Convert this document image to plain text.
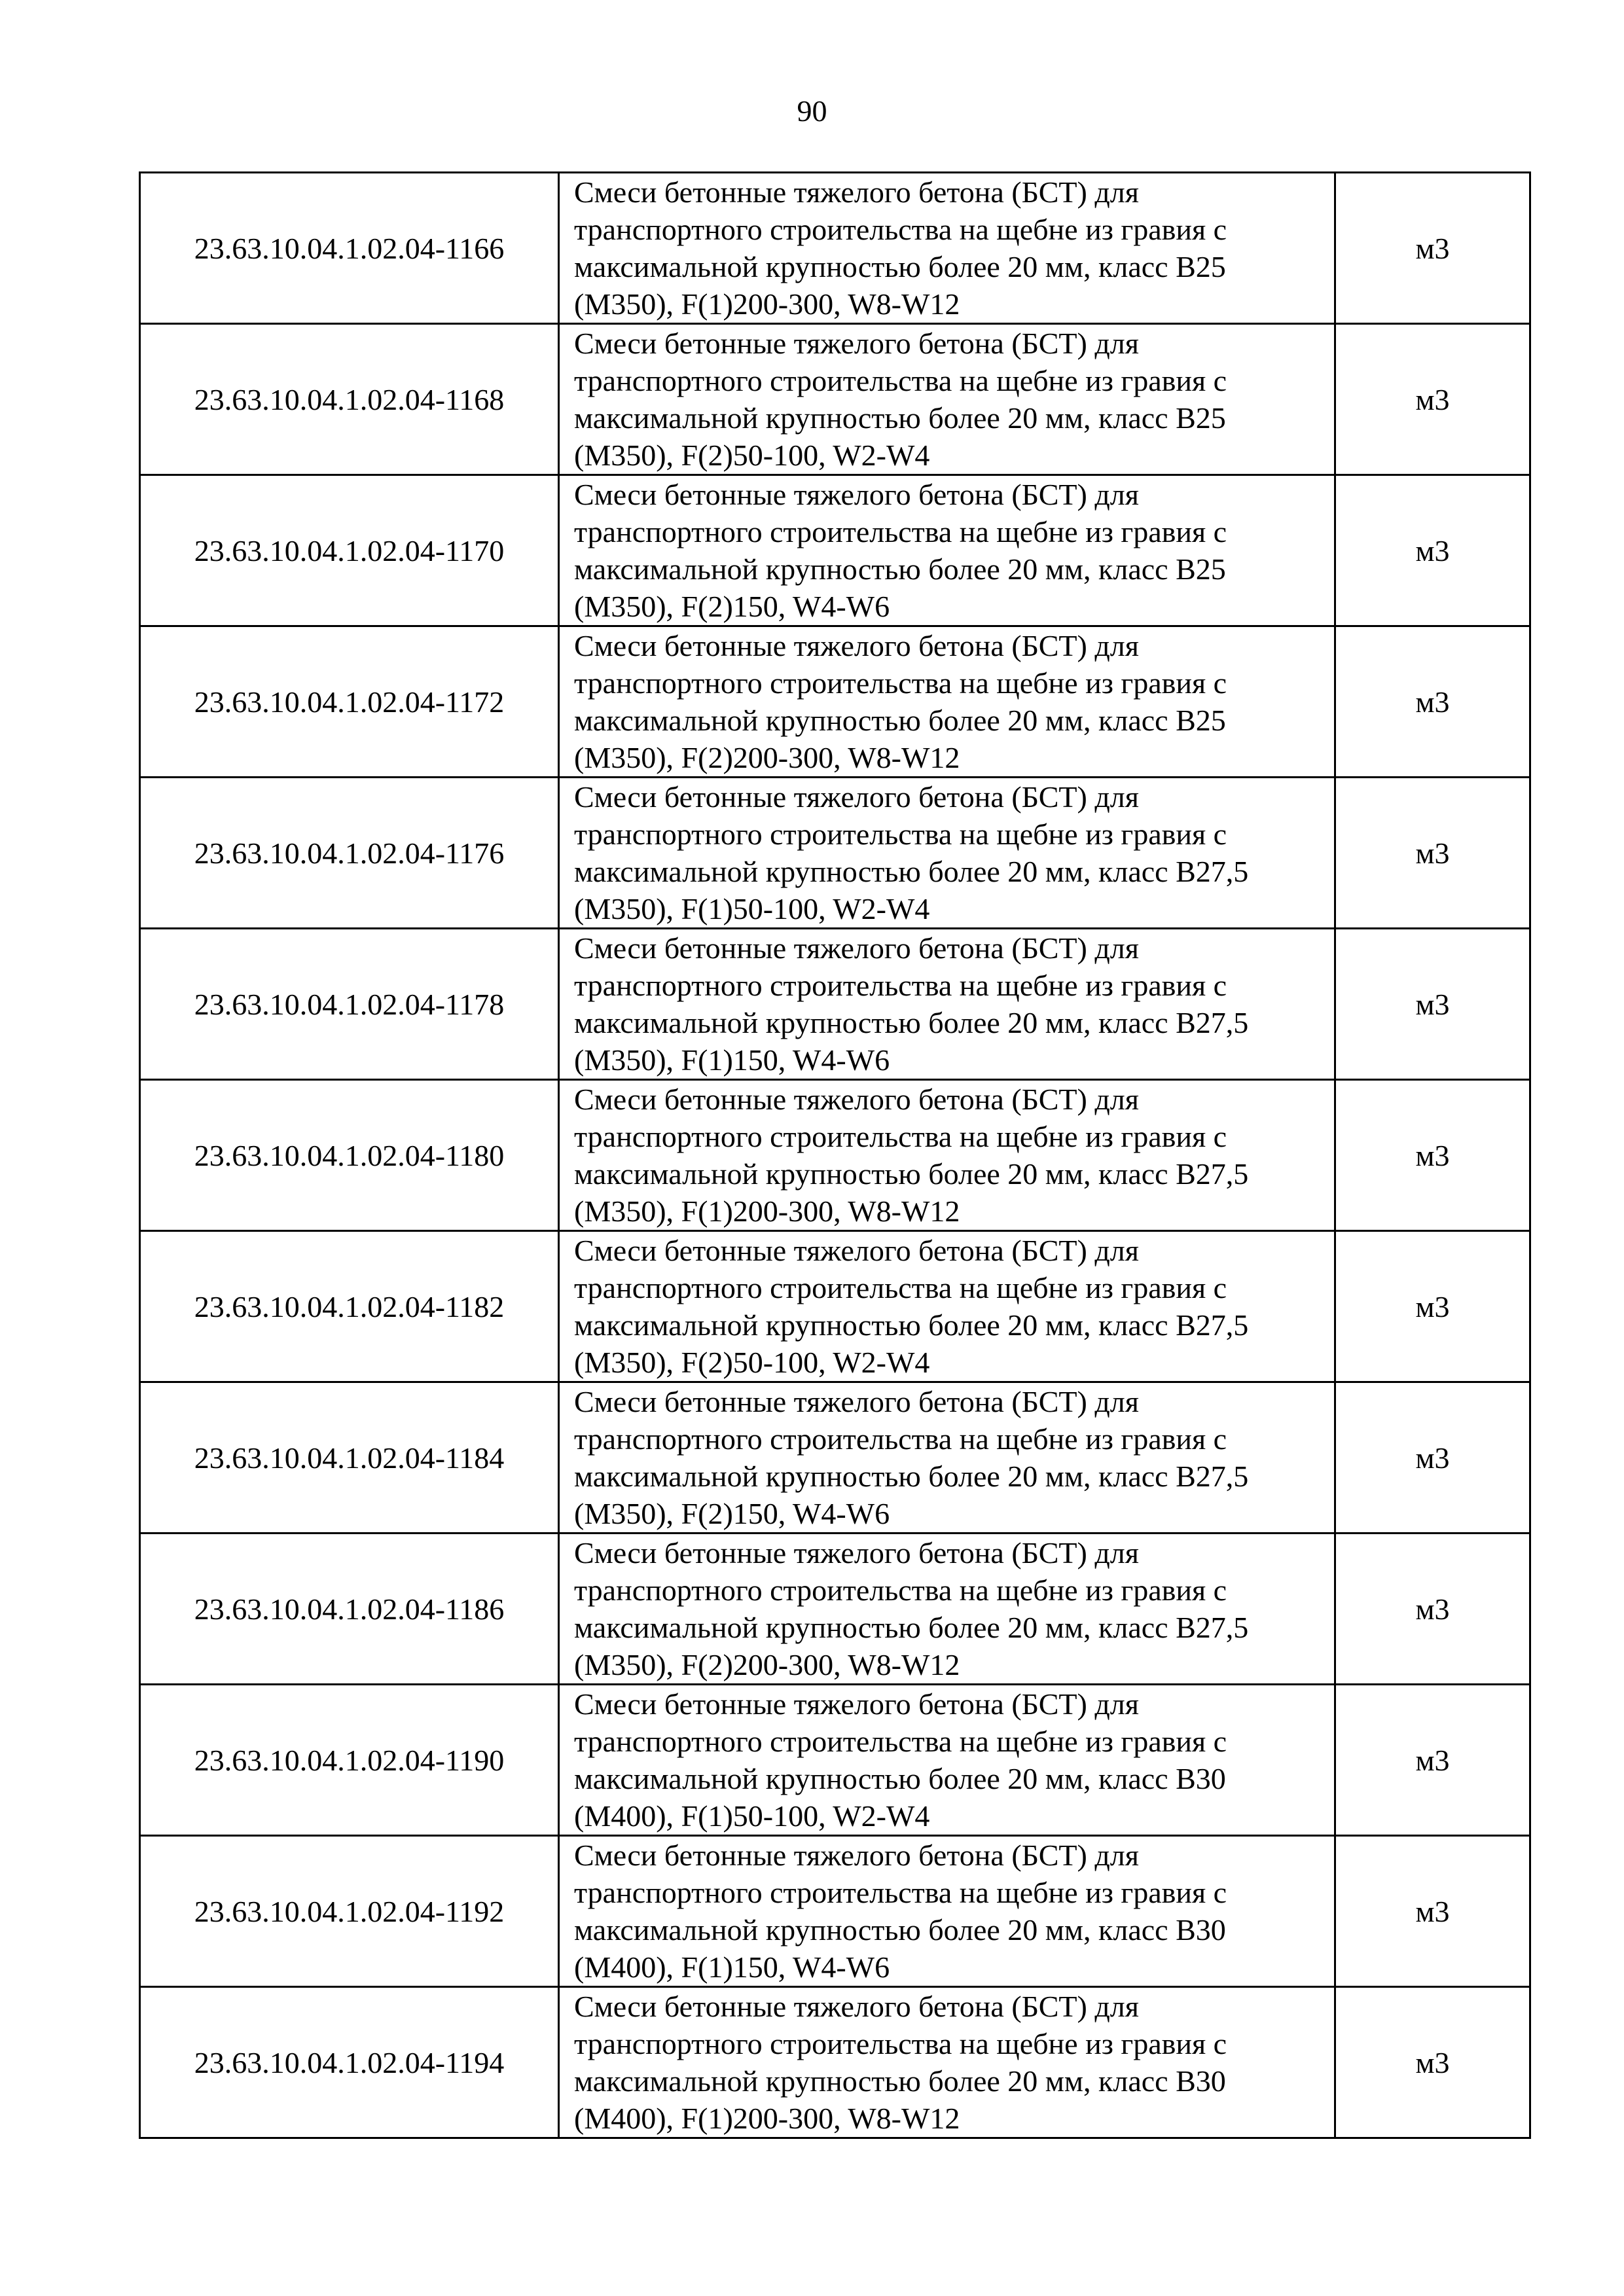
90
23.63.10.04.1.02.04-1166	Смеси бетонные тяжелого бетона (БСТ) для транспортного строительства на щебне из гравия с максимальной крупностью более 20 мм, класс В25 (М350), F(1)200-300, W8-W12	м3
23.63.10.04.1.02.04-1168	Смеси бетонные тяжелого бетона (БСТ) для транспортного строительства на щебне из гравия с максимальной крупностью более 20 мм, класс В25 (М350), F(2)50-100, W2-W4	м3
23.63.10.04.1.02.04-1170	Смеси бетонные тяжелого бетона (БСТ) для транспортного строительства на щебне из гравия с максимальной крупностью более 20 мм, класс В25 (М350), F(2)150, W4-W6	м3
23.63.10.04.1.02.04-1172	Смеси бетонные тяжелого бетона (БСТ) для транспортного строительства на щебне из гравия с максимальной крупностью более 20 мм, класс В25 (М350), F(2)200-300, W8-W12	м3
23.63.10.04.1.02.04-1176	Смеси бетонные тяжелого бетона (БСТ) для транспортного строительства на щебне из гравия с максимальной крупностью более 20 мм, класс В27,5 (М350), F(1)50-100, W2-W4	м3
23.63.10.04.1.02.04-1178	Смеси бетонные тяжелого бетона (БСТ) для транспортного строительства на щебне из гравия с максимальной крупностью более 20 мм, класс В27,5 (М350), F(1)150, W4-W6	м3
23.63.10.04.1.02.04-1180	Смеси бетонные тяжелого бетона (БСТ) для транспортного строительства на щебне из гравия с максимальной крупностью более 20 мм, класс В27,5 (М350), F(1)200-300, W8-W12	м3
23.63.10.04.1.02.04-1182	Смеси бетонные тяжелого бетона (БСТ) для транспортного строительства на щебне из гравия с максимальной крупностью более 20 мм, класс В27,5 (М350), F(2)50-100, W2-W4	м3
23.63.10.04.1.02.04-1184	Смеси бетонные тяжелого бетона (БСТ) для транспортного строительства на щебне из гравия с максимальной крупностью более 20 мм, класс В27,5 (М350), F(2)150, W4-W6	м3
23.63.10.04.1.02.04-1186	Смеси бетонные тяжелого бетона (БСТ) для транспортного строительства на щебне из гравия с максимальной крупностью более 20 мм, класс В27,5 (М350), F(2)200-300, W8-W12	м3
23.63.10.04.1.02.04-1190	Смеси бетонные тяжелого бетона (БСТ) для транспортного строительства на щебне из гравия с максимальной крупностью более 20 мм, класс В30 (М400), F(1)50-100, W2-W4	м3
23.63.10.04.1.02.04-1192	Смеси бетонные тяжелого бетона (БСТ) для транспортного строительства на щебне из гравия с максимальной крупностью более 20 мм, класс В30 (М400), F(1)150, W4-W6	м3
23.63.10.04.1.02.04-1194	Смеси бетонные тяжелого бетона (БСТ) для транспортного строительства на щебне из гравия с максимальной крупностью более 20 мм, класс В30 (М400), F(1)200-300, W8-W12	м3
